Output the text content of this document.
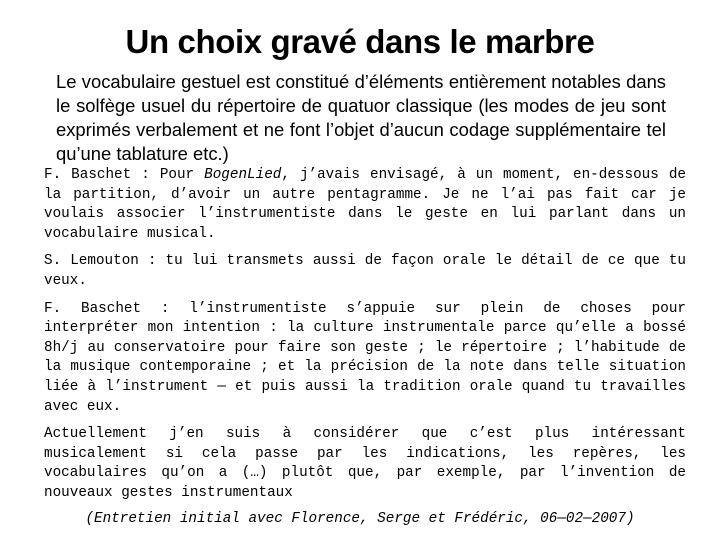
Un choix gravé dans le marbre
Le vocabulaire gestuel est constitué d’éléments entièrement notables dans le solfège usuel du répertoire de quatuor classique (les modes de jeu sont exprimés verbalement et ne font l’objet d’aucun codage supplémentaire tel qu’une tablature etc.)

F. Baschet : Pour BogenLied, j’avais envisagé, à un moment, en-dessous de la partition, d’avoir un autre pentagramme. Je ne l’ai pas fait car je voulais associer l’instrumentiste dans le geste en lui parlant dans un vocabulaire musical.

S. Lemouton : tu lui transmets aussi de façon orale le détail de ce que tu veux.

F. Baschet : l’instrumentiste s’appuie sur plein de choses pour interpréter mon intention : la culture instrumentale parce qu’elle a bossé 8h/j au conservatoire pour faire son geste ; le répertoire ; l’habitude de la musique contemporaine ; et la précision de la note dans telle situation liée à l’instrument — et puis aussi la tradition orale quand tu travailles avec eux.

Actuellement j’en suis à considérer que c’est plus intéressant musicalement si cela passe par les indications, les repères, les vocabulaires qu’on a (…) plutôt que, par exemple, par l’invention de nouveaux gestes instrumentaux

(Entretien initial avec Florence, Serge et Frédéric, 06—02—2007)
